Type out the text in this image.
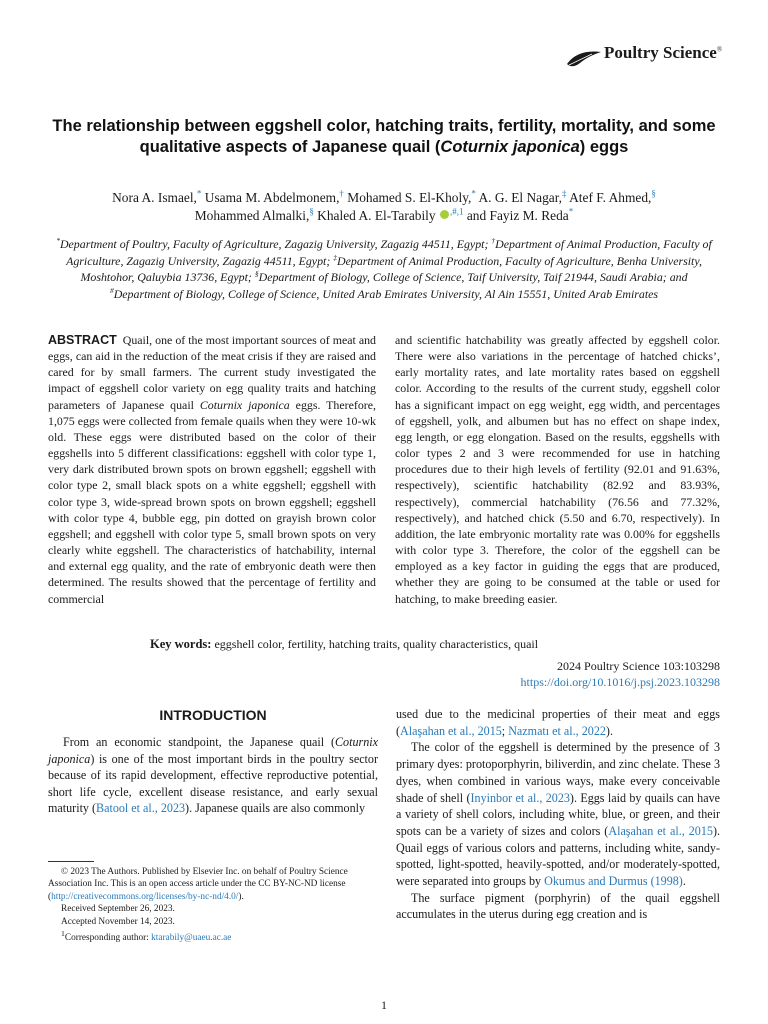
Poultry Science®
The relationship between eggshell color, hatching traits, fertility, mortality, and some qualitative aspects of Japanese quail (Coturnix japonica) eggs
Nora A. Ismael,* Usama M. Abdelmonem,† Mohamed S. El-Kholy,* A. G. El Nagar,‡ Atef F. Ahmed,§
Mohammed Almalki,§ Khaled A. El-Tarabily $^{,\#,1}$ and Fayiz M. Reda*
*Department of Poultry, Faculty of Agriculture, Zagazig University, Zagazig 44511, Egypt; †Department of Animal Production, Faculty of Agriculture, Zagazig University, Zagazig 44511, Egypt; ‡Department of Animal Production, Faculty of Agriculture, Benha University, Moshtohor, Qaluybia 13736, Egypt; §Department of Biology, College of Science, Taif University, Taif 21944, Saudi Arabia; and #Department of Biology, College of Science, United Arab Emirates University, Al Ain 15551, United Arab Emirates
ABSTRACT Quail, one of the most important sources of meat and eggs, can aid in the reduction of the meat crisis if they are raised and cared for by small farmers. The current study investigated the impact of eggshell color variety on egg quality traits and hatching parameters of Japanese quail Coturnix japonica eggs. Therefore, 1,075 eggs were collected from female quails when they were 10-wk old. These eggs were distributed based on the color of their eggshells into 5 different classifications: eggshell with color type 1, very dark distributed brown spots on brown eggshell; eggshell with color type 2, small black spots on a white eggshell; eggshell with color type 3, wide-spread brown spots on brown eggshell; eggshell with color type 4, bubble egg, pin dotted on grayish brown color eggshell; and eggshell with color type 5, small brown spots on very clearly white eggshell. The characteristics of hatchability, internal and external egg quality, and the rate of embryonic death were then determined. The results showed that the percentage of fertility and commercial
and scientific hatchability was greatly affected by eggshell color. There were also variations in the percentage of hatched chicks’, early mortality rates, and late mortality rates based on eggshell color. According to the results of the current study, eggshell color has a significant impact on egg weight, egg width, and percentages of eggshell, yolk, and albumen but has no effect on shape index, egg length, or egg elongation. Based on the results, eggshells with color types 2 and 3 were recommended for use in hatching procedures due to their high levels of fertility (92.01 and 91.63%, respectively), scientific hatchability (82.92 and 83.93%, respectively), commercial hatchability (76.56 and 77.32%, respectively), and hatched chick (5.50 and 6.70, respectively). In addition, the late embryonic mortality rate was 0.00% for eggshells with color type 3. Therefore, the color of the eggshell can be employed as a key factor in guiding the eggs that are produced, whether they are going to be consumed at the table or used for hatching, to make breeding easier.
Key words: eggshell color, fertility, hatching traits, quality characteristics, quail
2024 Poultry Science 103:103298
https://doi.org/10.1016/j.psj.2023.103298
INTRODUCTION
From an economic standpoint, the Japanese quail (Coturnix japonica) is one of the most important birds in the poultry sector because of its rapid development, effective reproductive potential, short life cycle, excellent disease resistance, and early sexual maturity (Batool et al., 2023). Japanese quails are also commonly
used due to the medicinal properties of their meat and eggs (Alaşahan et al., 2015; Nazmatı et al., 2022).
The color of the eggshell is determined by the presence of 3 primary dyes: protoporphyrin, biliverdin, and zinc chelate. These 3 dyes, when combined in various ways, make every conceivable shade of shell (Inyinbor et al., 2023). Eggs laid by quails can have a variety of shell colors, including white, blue, or green, and their spots can be a variety of sizes and colors (Alaşahan et al., 2015). Quail eggs of various colors and patterns, including white, sandy-spotted, light-spotted, heavily-spotted, and/or moderately-spotted, were separated into groups by Okumus and Durmus (1998).
The surface pigment (porphyrin) of the quail eggshell accumulates in the uterus during egg creation and is
© 2023 The Authors. Published by Elsevier Inc. on behalf of Poultry Science Association Inc. This is an open access article under the CC BY-NC-ND license (http://creativecommons.org/licenses/by-nc-nd/4.0/).
Received September 26, 2023.
Accepted November 14, 2023.
$^1$Corresponding author: ktarabily@uaeu.ac.ae
1
